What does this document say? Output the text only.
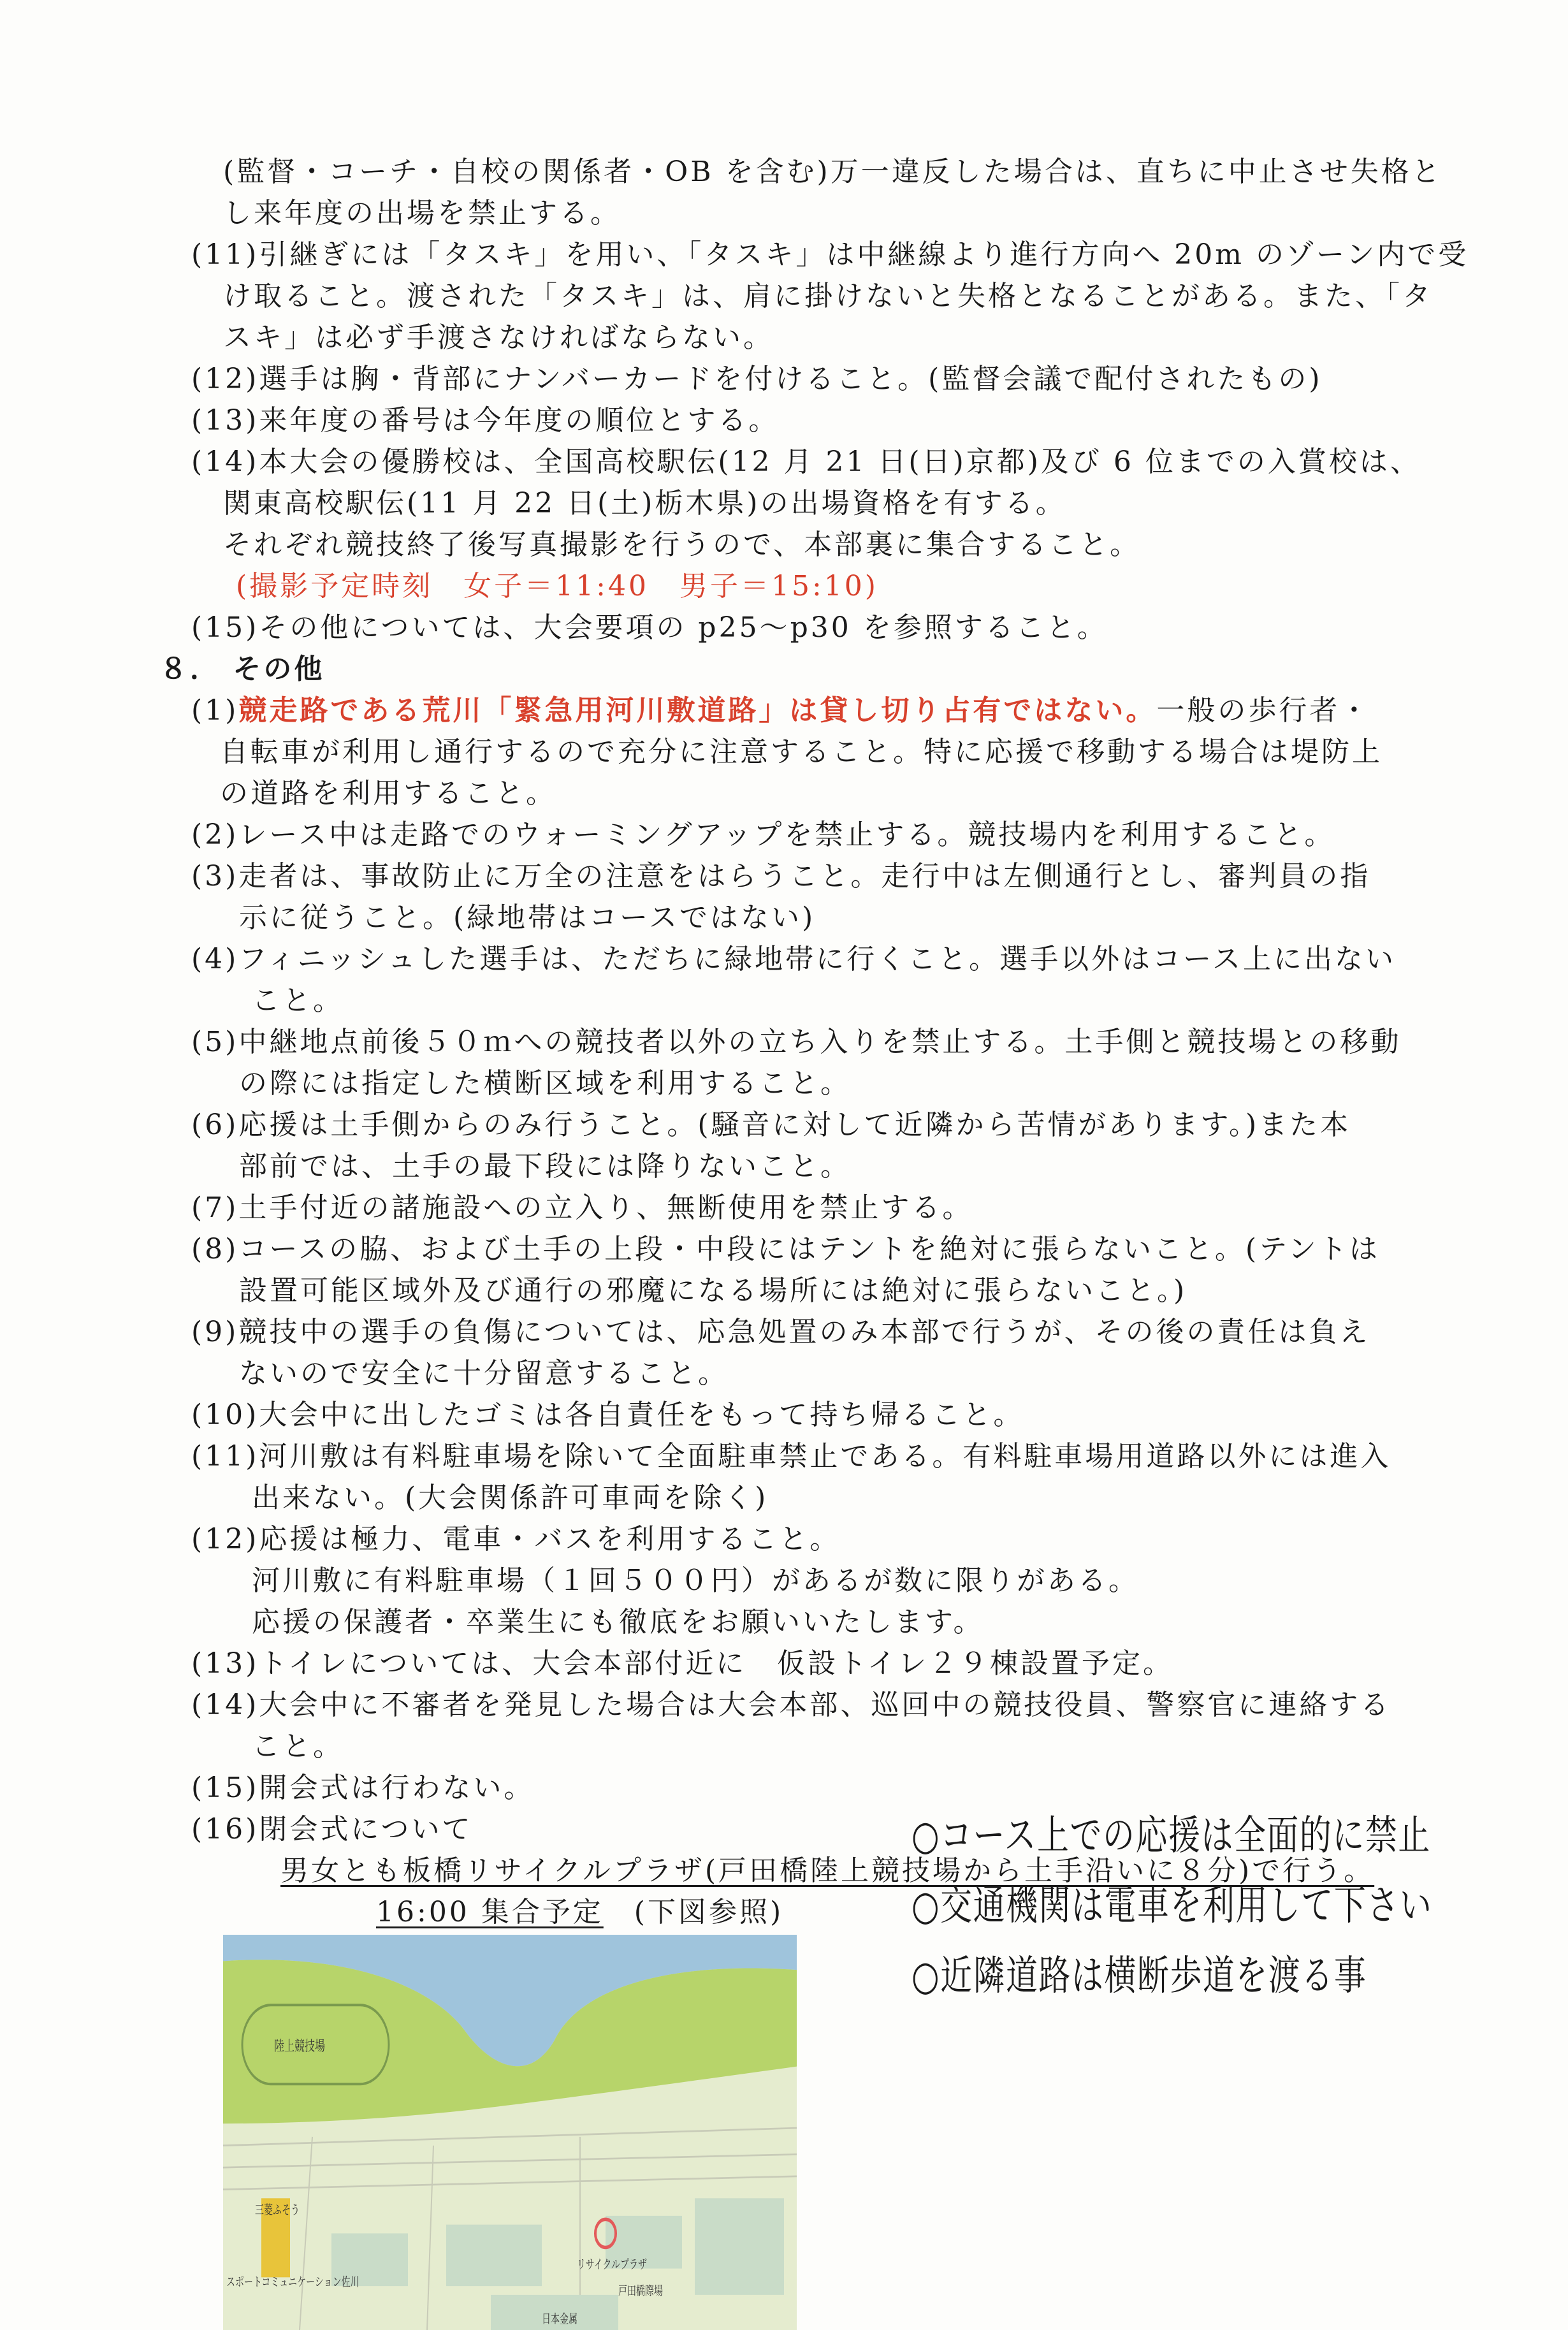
(監督・コーチ・自校の関係者・OB を含む)万一違反した場合は、直ちに中止させ失格と
し来年度の出場を禁止する。
(11)引継ぎには「タスキ」を用い、「タスキ」は中継線より進行方向へ 20m のゾーン内で受
け取ること。渡された「タスキ」は、肩に掛けないと失格となることがある。また、「タ
スキ」は必ず手渡さなければならない。
(12)選手は胸・背部にナンバーカードを付けること。(監督会議で配付されたもの)
(13)来年度の番号は今年度の順位とする。
(14)本大会の優勝校は、全国高校駅伝(12 月 21 日(日)京都)及び 6 位までの入賞校は、
関東高校駅伝(11 月 22 日(土)栃木県)の出場資格を有する。
それぞれ競技終了後写真撮影を行うので、本部裏に集合すること。
(撮影予定時刻　女子＝11:40　男子＝15:10)
(15)その他については、大会要項の p25〜p30 を参照すること。
８． その他
(1)競走路である荒川「緊急用河川敷道路」は貸し切り占有ではない。一般の歩行者・
自転車が利用し通行するので充分に注意すること。特に応援で移動する場合は堤防上
の道路を利用すること。
(2)レース中は走路でのウォーミングアップを禁止する。競技場内を利用すること。
(3)走者は、事故防止に万全の注意をはらうこと。走行中は左側通行とし、審判員の指
示に従うこと。(緑地帯はコースではない)
(4)フィニッシュした選手は、ただちに緑地帯に行くこと。選手以外はコース上に出ない
こと。
(5)中継地点前後５０ｍへの競技者以外の立ち入りを禁止する。土手側と競技場との移動
の際には指定した横断区域を利用すること。
(6)応援は土手側からのみ行うこと。(騒音に対して近隣から苦情があります。)また本
部前では、土手の最下段には降りないこと。
(7)土手付近の諸施設への立入り、無断使用を禁止する。
(8)コースの脇、および土手の上段・中段にはテントを絶対に張らないこと。(テントは
設置可能区域外及び通行の邪魔になる場所には絶対に張らないこと。)
(9)競技中の選手の負傷については、応急処置のみ本部で行うが、その後の責任は負え
ないので安全に十分留意すること。
(10)大会中に出したゴミは各自責任をもって持ち帰ること。
(11)河川敷は有料駐車場を除いて全面駐車禁止である。有料駐車場用道路以外には進入
出来ない。(大会関係許可車両を除く)
(12)応援は極力、電車・バスを利用すること。
河川敷に有料駐車場（１回５００円）があるが数に限りがある。
応援の保護者・卒業生にも徹底をお願いいたします。
(13)トイレについては、大会本部付近に　仮設トイレ２９棟設置予定。
(14)大会中に不審者を発見した場合は大会本部、巡回中の競技役員、警察官に連絡する
こと。
(15)開会式は行わない。
(16)閉会式について
男女とも板橋リサイクルプラザ(戸田橋陸上競技場から土手沿いに８分)で行う。
16:00 集合予定　 (下図参照)
陸上競技場
三菱ふそう
リサイクルプラザ
スポートコミュニケーション佐川
戸田橋際場
日本金属
○コース上での応援は全面的に禁止
○交通機関は電車を利用して下さい
○近隣道路は横断歩道を渡る事
